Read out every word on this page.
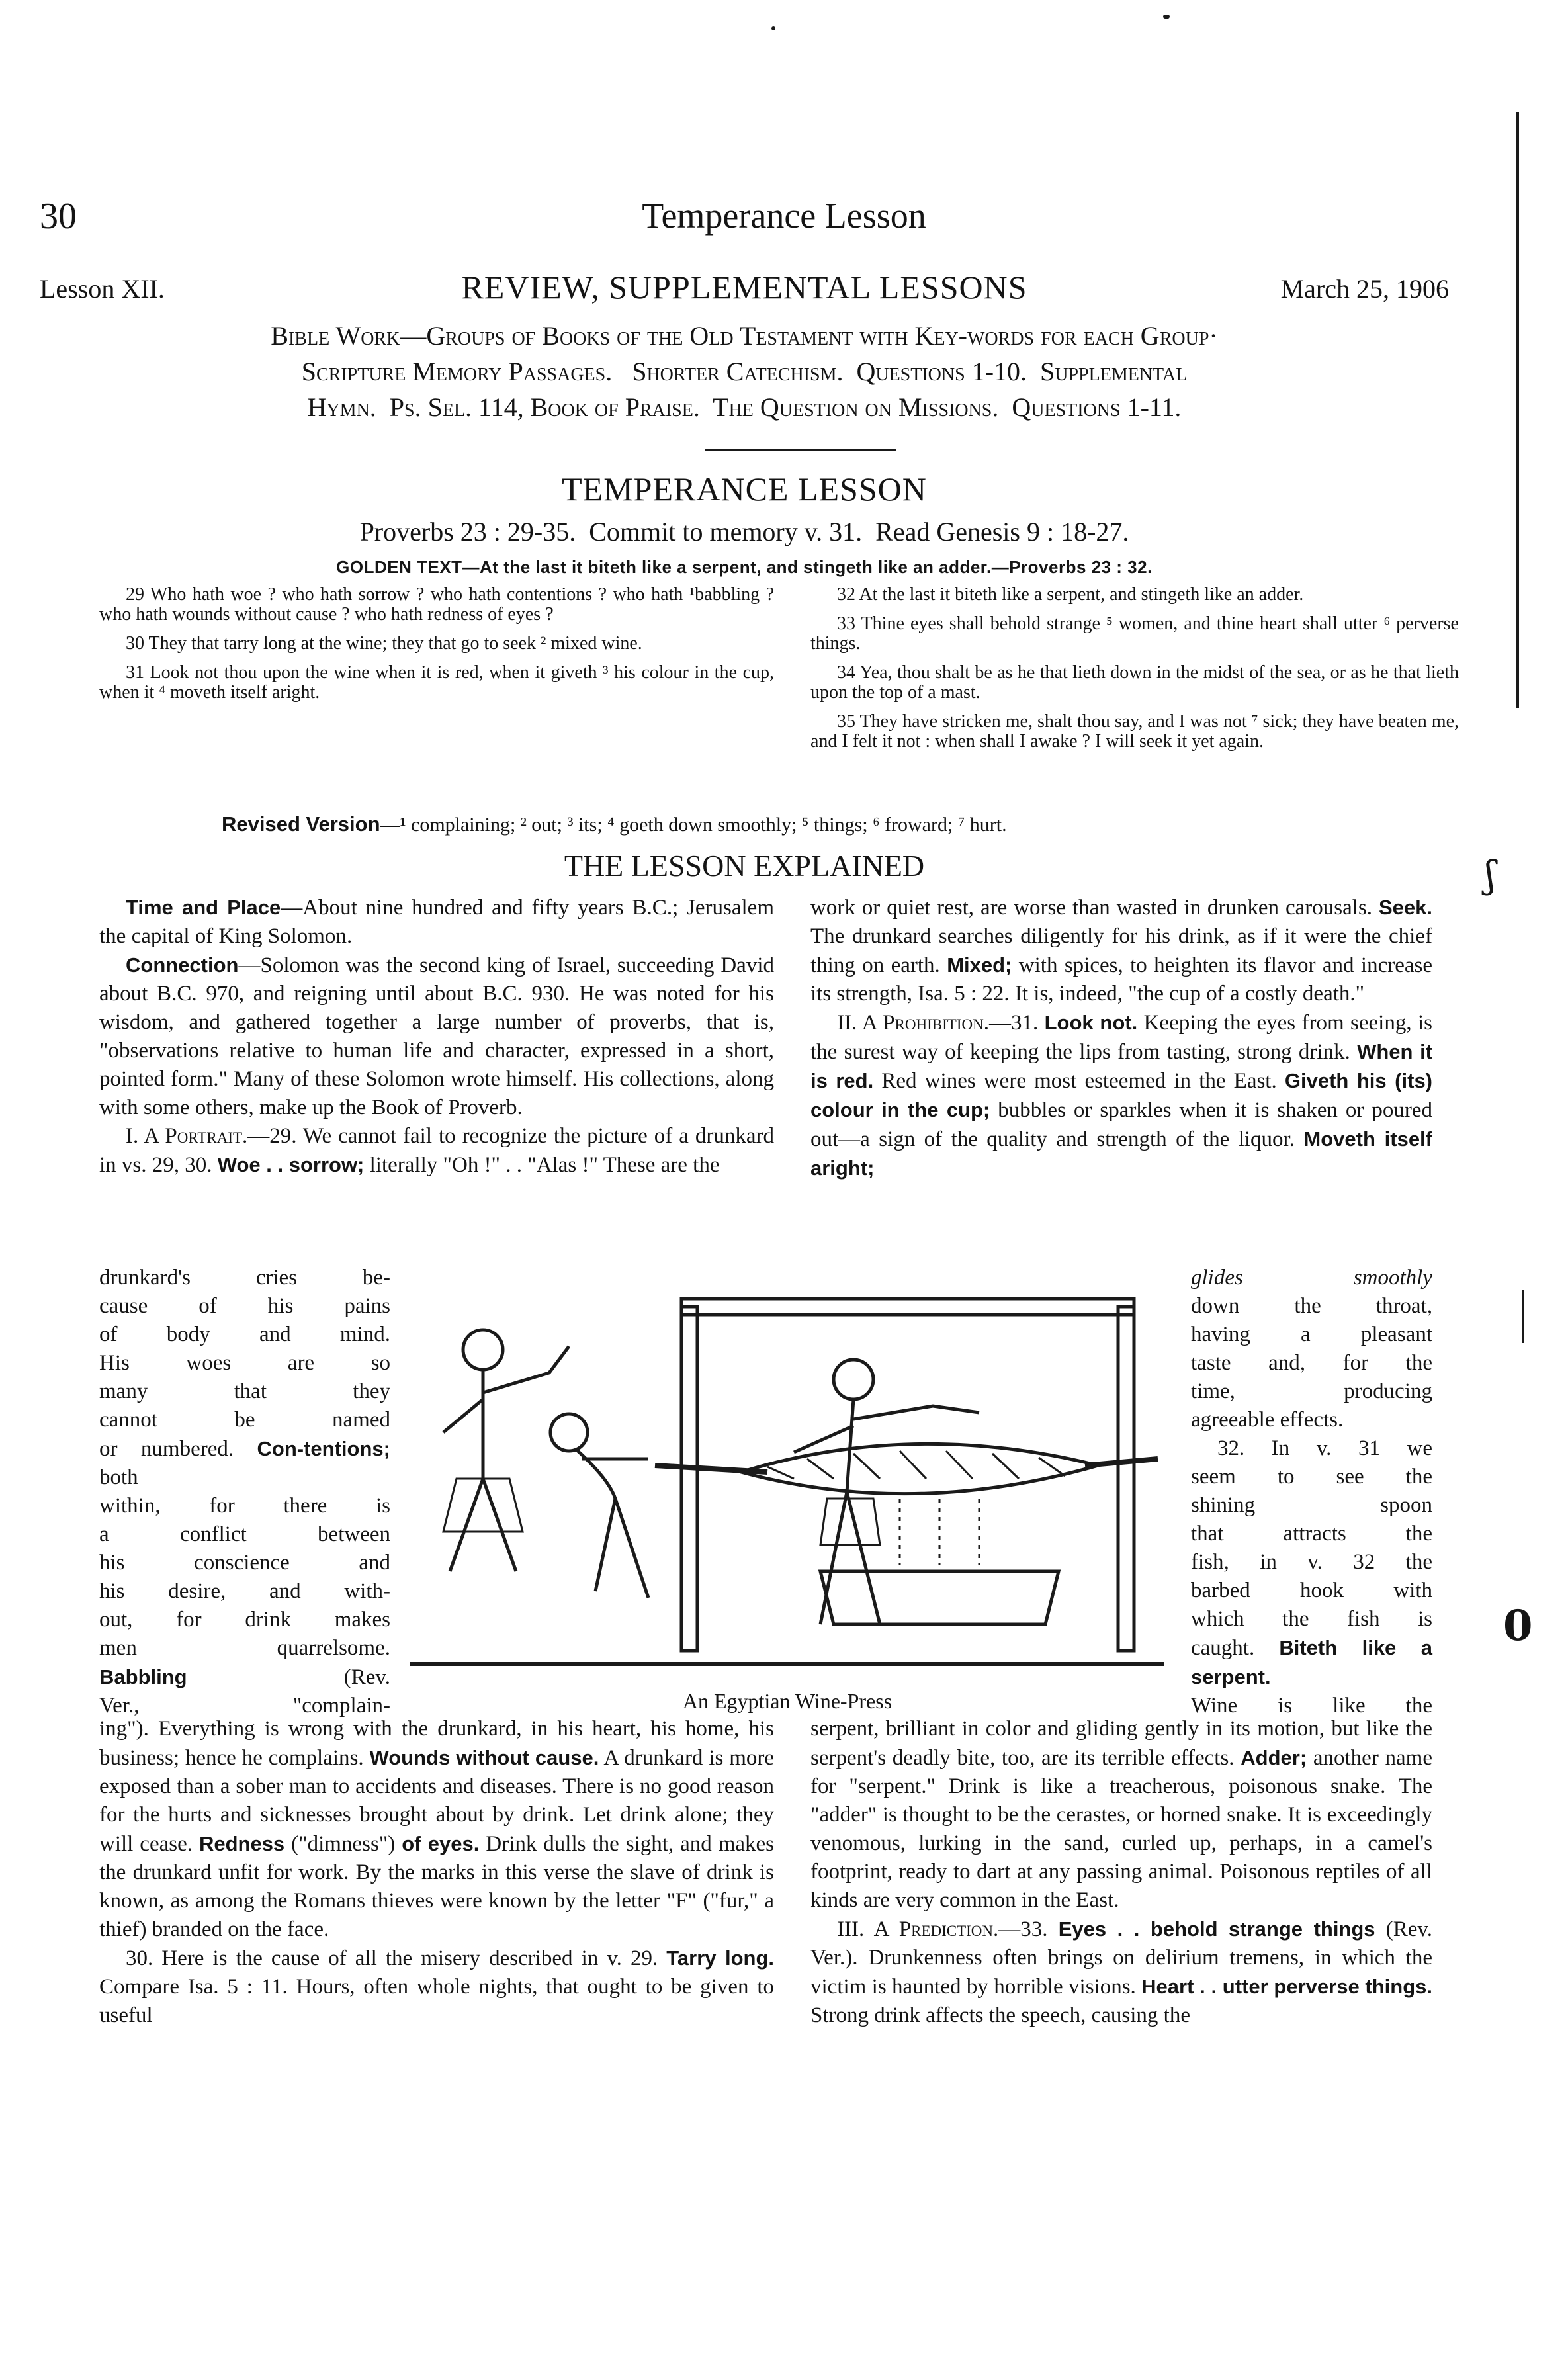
ʃ
0
30	Temperance Lesson
Lesson XII.	REVIEW, SUPPLEMENTAL LESSONS	March 25, 1906
Bible Work—Groups of Books of the Old Testament with Key-words for each Group·
Scripture Memory Passages.   Shorter Catechism.  Questions 1-10.  Supplemental
Hymn.  Ps. Sel. 114, Book of Praise.  The Question on Missions.  Questions 1-11.
TEMPERANCE LESSON
Proverbs 23 : 29-35.  Commit to memory v. 31.  Read Genesis 9 : 18-27.
GOLDEN TEXT—At the last it biteth like a serpent, and stingeth like an adder.—Proverbs 23 : 32.

29 Who hath woe ? who hath sorrow ? who hath contentions ? who hath ¹babbling ? who hath wounds without cause ? who hath redness of eyes ?

30 They that tarry long at the wine; they that go to seek ² mixed wine.

31 Look not thou upon the wine when it is red, when it giveth ³ his colour in the cup, when it ⁴ moveth itself aright.

32 At the last it biteth like a serpent, and stingeth like an adder.

33 Thine eyes shall behold strange ⁵ women, and thine heart shall utter ⁶ perverse things.

34 Yea, thou shalt be as he that lieth down in the midst of the sea, or as he that lieth upon the top of a mast.

35 They have stricken me, shalt thou say, and I was not ⁷ sick; they have beaten me, and I felt it not : when shall I awake ? I will seek it yet again.

Revised Version—¹ complaining; ² out; ³ its; ⁴ goeth down smoothly; ⁵ things; ⁶ froward; ⁷ hurt.
THE LESSON EXPLAINED

Time and Place—About nine hundred and fifty years B.C.; Jerusalem the capital of King Solomon.

Connection—Solomon was the second king of Israel, succeeding David about B.C. 970, and reigning until about B.C. 930. He was noted for his wisdom, and gathered together a large number of proverbs, that is, "observations relative to human life and character, expressed in a short, pointed form." Many of these Solomon wrote himself. His collections, along with some others, make up the Book of Proverb.

I. A Portrait.—29. We cannot fail to recognize the picture of a drunkard in vs. 29, 30. Woe . . sorrow; literally "Oh !" . . "Alas !" These are the

drunkard's cries be-

cause of his pains

of body and mind.

His woes are so

many that they

cannot be named

or numbered. Con-tentions; both

within, for there is

a conflict between

his conscience and

his desire, and with-

out, for drink makes

men quarrelsome.

Babbling	(Rev.

Ver., "complain-

ing"). Everything is wrong with the drunkard, in his heart, his home, his business; hence he complains. Wounds without cause. A drunkard is more exposed than a sober man to accidents and diseases. There is no good reason for the hurts and sicknesses brought about by drink. Let drink alone; they will cease. Redness ("dimness") of eyes. Drink dulls the sight, and makes the drunkard unfit for work. By the marks in this verse the slave of drink is known, as among the Romans thieves were known by the letter "F" ("fur," a thief) branded on the face.

30. Here is the cause of all the misery described in v. 29. Tarry long. Compare Isa. 5 : 11. Hours, often whole nights, that ought to be given to useful

work or quiet rest, are worse than wasted in drunken carousals. Seek. The drunkard searches diligently for his drink, as if it were the chief thing on earth. Mixed; with spices, to heighten its flavor and increase its strength, Isa. 5 : 22. It is, indeed, "the cup of a costly death."

II. A Prohibition.—31. Look not. Keeping the eyes from seeing, is the surest way of keeping the lips from tasting, strong drink. When it is red. Red wines were most esteemed in the East. Giveth his (its) colour in the cup; bubbles or sparkles when it is shaken or poured out—a sign of the quality and strength of the liquor. Moveth itself aright;

glides smoothly

down the throat,

having a pleasant

taste and, for the

time, producing

agreeable effects.

32. In v. 31 we

seem to see the

shining spoon

that attracts the

fish, in v. 32 the

barbed hook with

which the fish is

caught. Biteth like a serpent.

Wine is like the

serpent, brilliant in color and gliding gently in its motion, but like the serpent's deadly bite, too, are its terrible effects. Adder; another name for "serpent." Drink is like a treacherous, poisonous snake. The "adder" is thought to be the cerastes, or horned snake. It is exceedingly venomous, lurking in the sand, curled up, perhaps, in a camel's footprint, ready to dart at any passing animal. Poisonous reptiles of all kinds are very common in the East.

III. A Prediction.—33. Eyes . . behold strange things (Rev. Ver.). Drunkenness often brings on delirium tremens, in which the victim is haunted by horrible visions. Heart . . utter perverse things. Strong drink affects the speech, causing the

An Egyptian Wine-Press
